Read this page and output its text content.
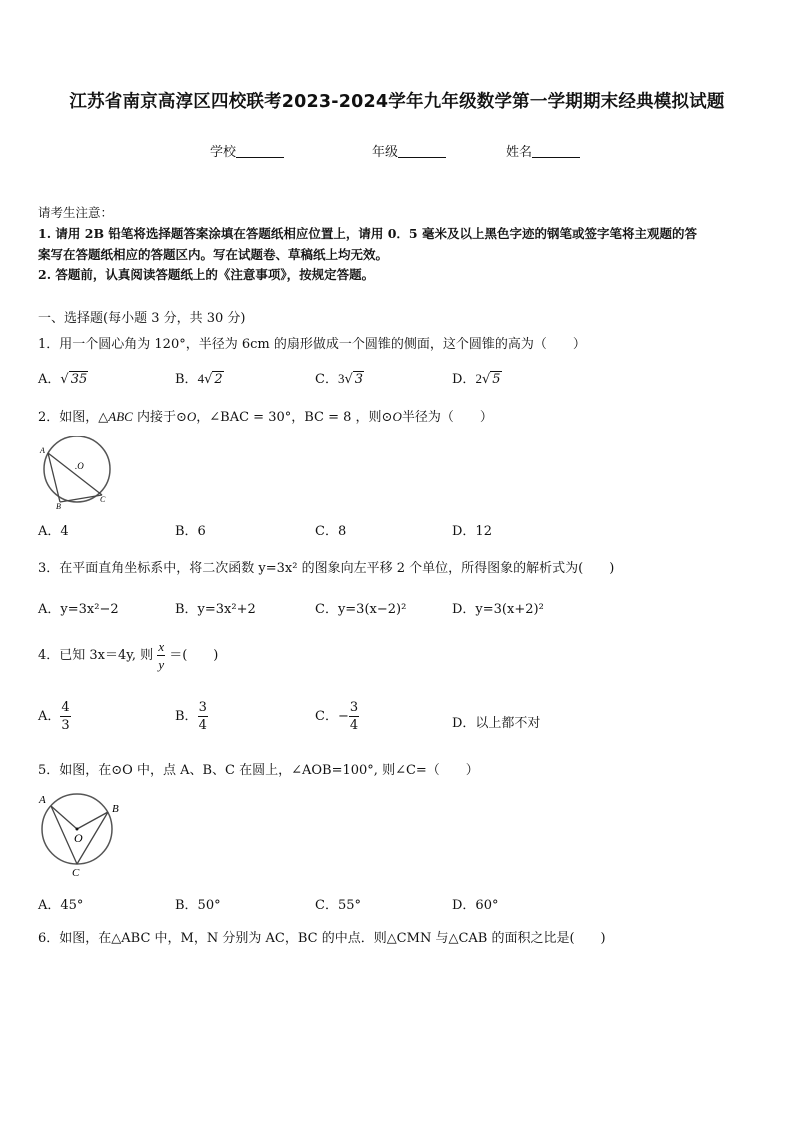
江苏省南京高淳区四校联考2023-2024学年九年级数学第一学期期末经典模拟试题
学校	年级	姓名
请考生注意：
1. 请用 2B 铅笔将选择题答案涂填在答题纸相应位置上，请用 0．5 毫米及以上黑色字迹的钢笔或签字笔将主观题的答
案写在答题纸相应的答题区内。写在试题卷、草稿纸上均无效。
2. 答题前，认真阅读答题纸上的《注意事项》，按规定答题。
一、选择题(每小题 3 分，共 30 分)
1．用一个圆心角为 120°，半径为 6cm 的扇形做成一个圆锥的侧面，这个圆锥的高为（　　）
A．√ 35	B．4√ 2	C．3√ 3	D．2√ 5
2．如图，△ABC 内接于⊙O，∠BAC = 30°，BC = 8 ，则⊙O半径为（　　）
A
B
C
.O
A．4	B．6	C．8	D．12
3．在平面直角坐标系中，将二次函数 y=3x² 的图象向左平移 2 个单位，所得图象的解析式为(　　)
A．y=3x²−2	B．y=3x²+2	C．y=3(x−2)²	D．y=3(x+2)²
4．已知 3x＝4y, 则 $\frac{x}{y}$ ＝(　　)
A． $\frac{4}{3}$	B． $\frac{3}{4}$	C．− $\frac{3}{4}$	D．以上都不对
5．如图，在⊙O 中，点 A、B、C 在圆上，∠AOB=100°, 则∠C=（　　）
A
B
C
O
A．45°	B．50°	C．55°	D．60°
6．如图，在△ABC 中，M，N 分别为 AC，BC 的中点．则△CMN 与△CAB 的面积之比是(　　)
